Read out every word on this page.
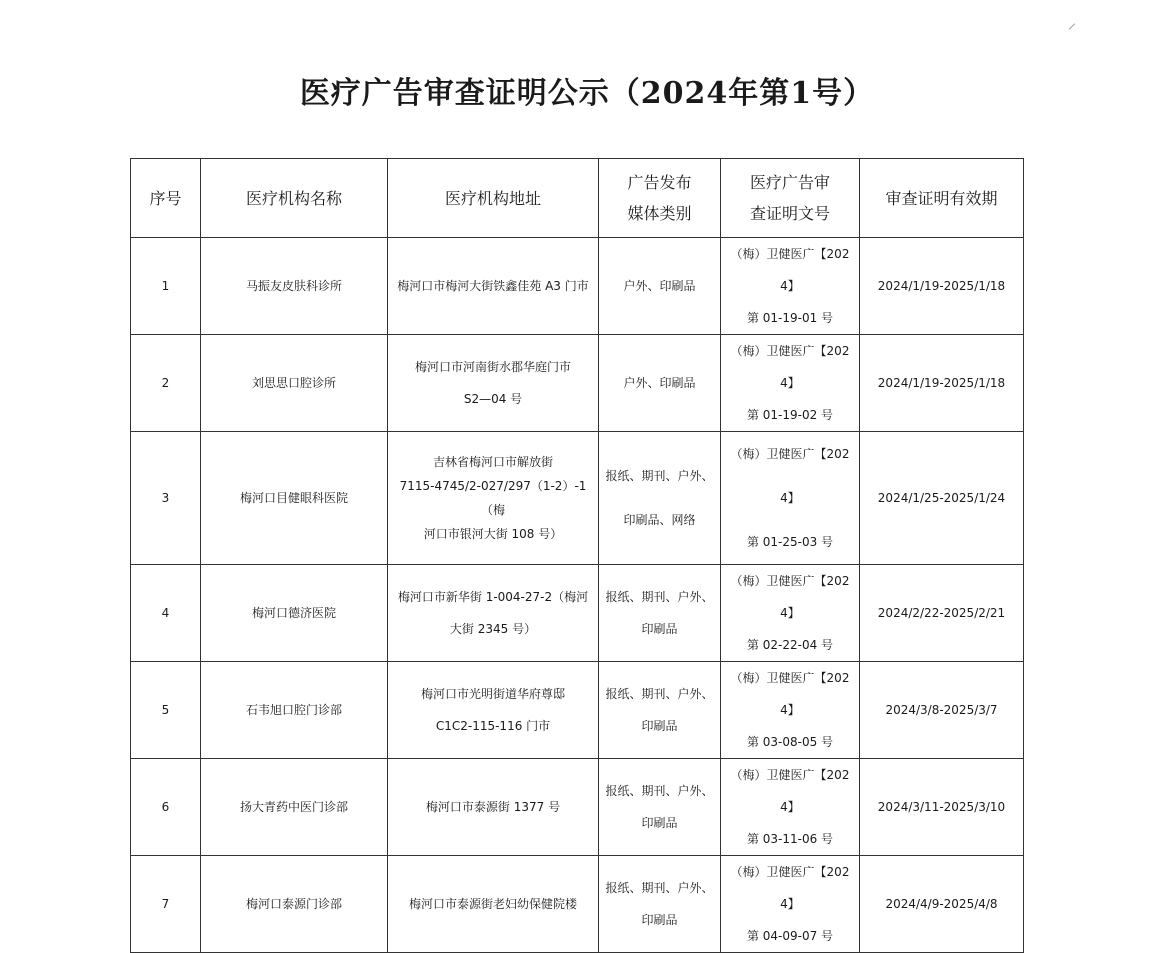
医疗广告审查证明公示（2024年第1号）
序号	医疗机构名称	医疗机构地址	广告发布
媒体类别	医疗广告审
查证明文号	审查证明有效期

1	马振友皮肤科诊所	梅河口市梅河大街铁鑫佳苑 A3 门市	户外、印刷品	（梅）卫健医广【2024】
第 01-19-01 号	2024/1/19-2025/1/18

2	刘思思口腔诊所	梅河口市河南街水郡华庭门市
S2—04 号	户外、印刷品	（梅）卫健医广【2024】
第 01-19-02 号	2024/1/19-2025/1/18

3	梅河口目健眼科医院	吉林省梅河口市解放街
7115-4745/2-027/297（1-2）-1（梅
河口市银河大街 108 号）	报纸、期刊、户外、
印刷品、网络	（梅）卫健医广【2024】
第 01-25-03 号	2024/1/25-2025/1/24

4	梅河口德济医院	梅河口市新华街 1-004-27-2（梅河
大街 2345 号）	报纸、期刊、户外、
印刷品	（梅）卫健医广【2024】
第 02-22-04 号	2024/2/22-2025/2/21

5	石韦旭口腔门诊部	梅河口市光明街道华府尊邸
C1C2-115-116 门市	报纸、期刊、户外、
印刷品	（梅）卫健医广【2024】
第 03-08-05 号	2024/3/8-2025/3/7

6	扬大青药中医门诊部	梅河口市泰源街 1377 号	报纸、期刊、户外、
印刷品	（梅）卫健医广【2024】
第 03-11-06 号	2024/3/11-2025/3/10

7	梅河口泰源门诊部	梅河口市泰源街老妇幼保健院楼	报纸、期刊、户外、
印刷品	（梅）卫健医广【2024】
第 04-09-07 号	2024/4/9-2025/4/8
